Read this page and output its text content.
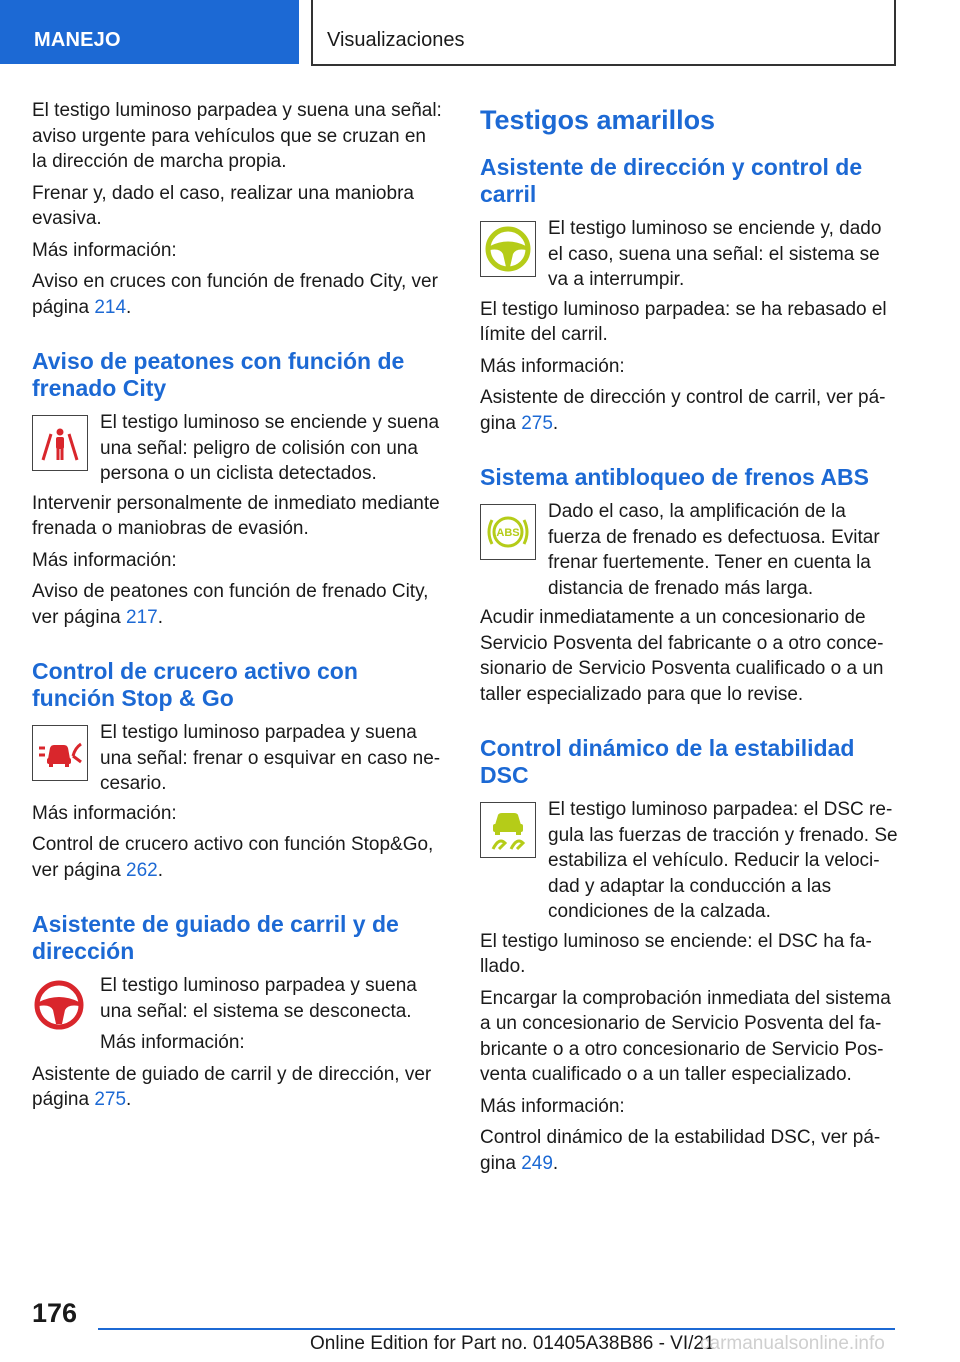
MANEJO	Visualizaciones

El testigo luminoso parpadea y suena una señal: aviso urgente para vehículos que se cruzan en la dirección de marcha propia.

Frenar y, dado el caso, realizar una maniobra evasiva.

Más información:

Aviso en cruces con función de frenado City, ver página 214.

Aviso de peatones con función de frenado City
El testigo luminoso se enciende y suena una señal: peligro de colisión con una persona o un ciclista detectados.

Intervenir personalmente de inmediato mediante frenada o maniobras de evasión.

Más información:

Aviso de peatones con función de frenado City, ver página 217.

Control de crucero activo con función Stop & Go
El testigo luminoso parpadea y suena una señal: frenar o esquivar en caso ne-cesario.

Más información:

Control de crucero activo con función Stop&Go, ver página 262.

Asistente de guiado de carril y de dirección

El testigo luminoso parpadea y suena una señal: el sistema se desconecta.

Más información:

Asistente de guiado de carril y de dirección, ver página 275.

Testigos amarillos
Asistente de dirección y control de carril
El testigo luminoso se enciende y, dado el caso, suena una señal: el sistema se va a interrumpir.

El testigo luminoso parpadea: se ha rebasado el límite del carril.

Más información:

Asistente de dirección y control de carril, ver pá-gina 275.

Sistema antibloqueo de frenos ABS
ABS
Dado el caso, la amplificación de la fuerza de frenado es defectuosa. Evitar frenar fuertemente. Tener en cuenta la distancia de frenado más larga.

Acudir inmediatamente a un concesionario de Servicio Posventa del fabricante o a otro conce-sionario de Servicio Posventa cualificado o a un taller especializado para que lo revise.

Control dinámico de la estabilidad DSC
El testigo luminoso parpadea: el DSC re-gula las fuerzas de tracción y frenado. Se estabiliza el vehículo. Reducir la veloci-dad y adaptar la conducción a las condiciones de la calzada.

El testigo luminoso se enciende: el DSC ha fa-llado.

Encargar la comprobación inmediata del sistema a un concesionario de Servicio Posventa del fa-bricante o a otro concesionario de Servicio Pos-venta cualificado o a un taller especializado.

Más información:

Control dinámico de la estabilidad DSC, ver pá-gina 249.

176
Online Edition for Part no. 01405A38B86 - VI/21
carmanualsonline.info
